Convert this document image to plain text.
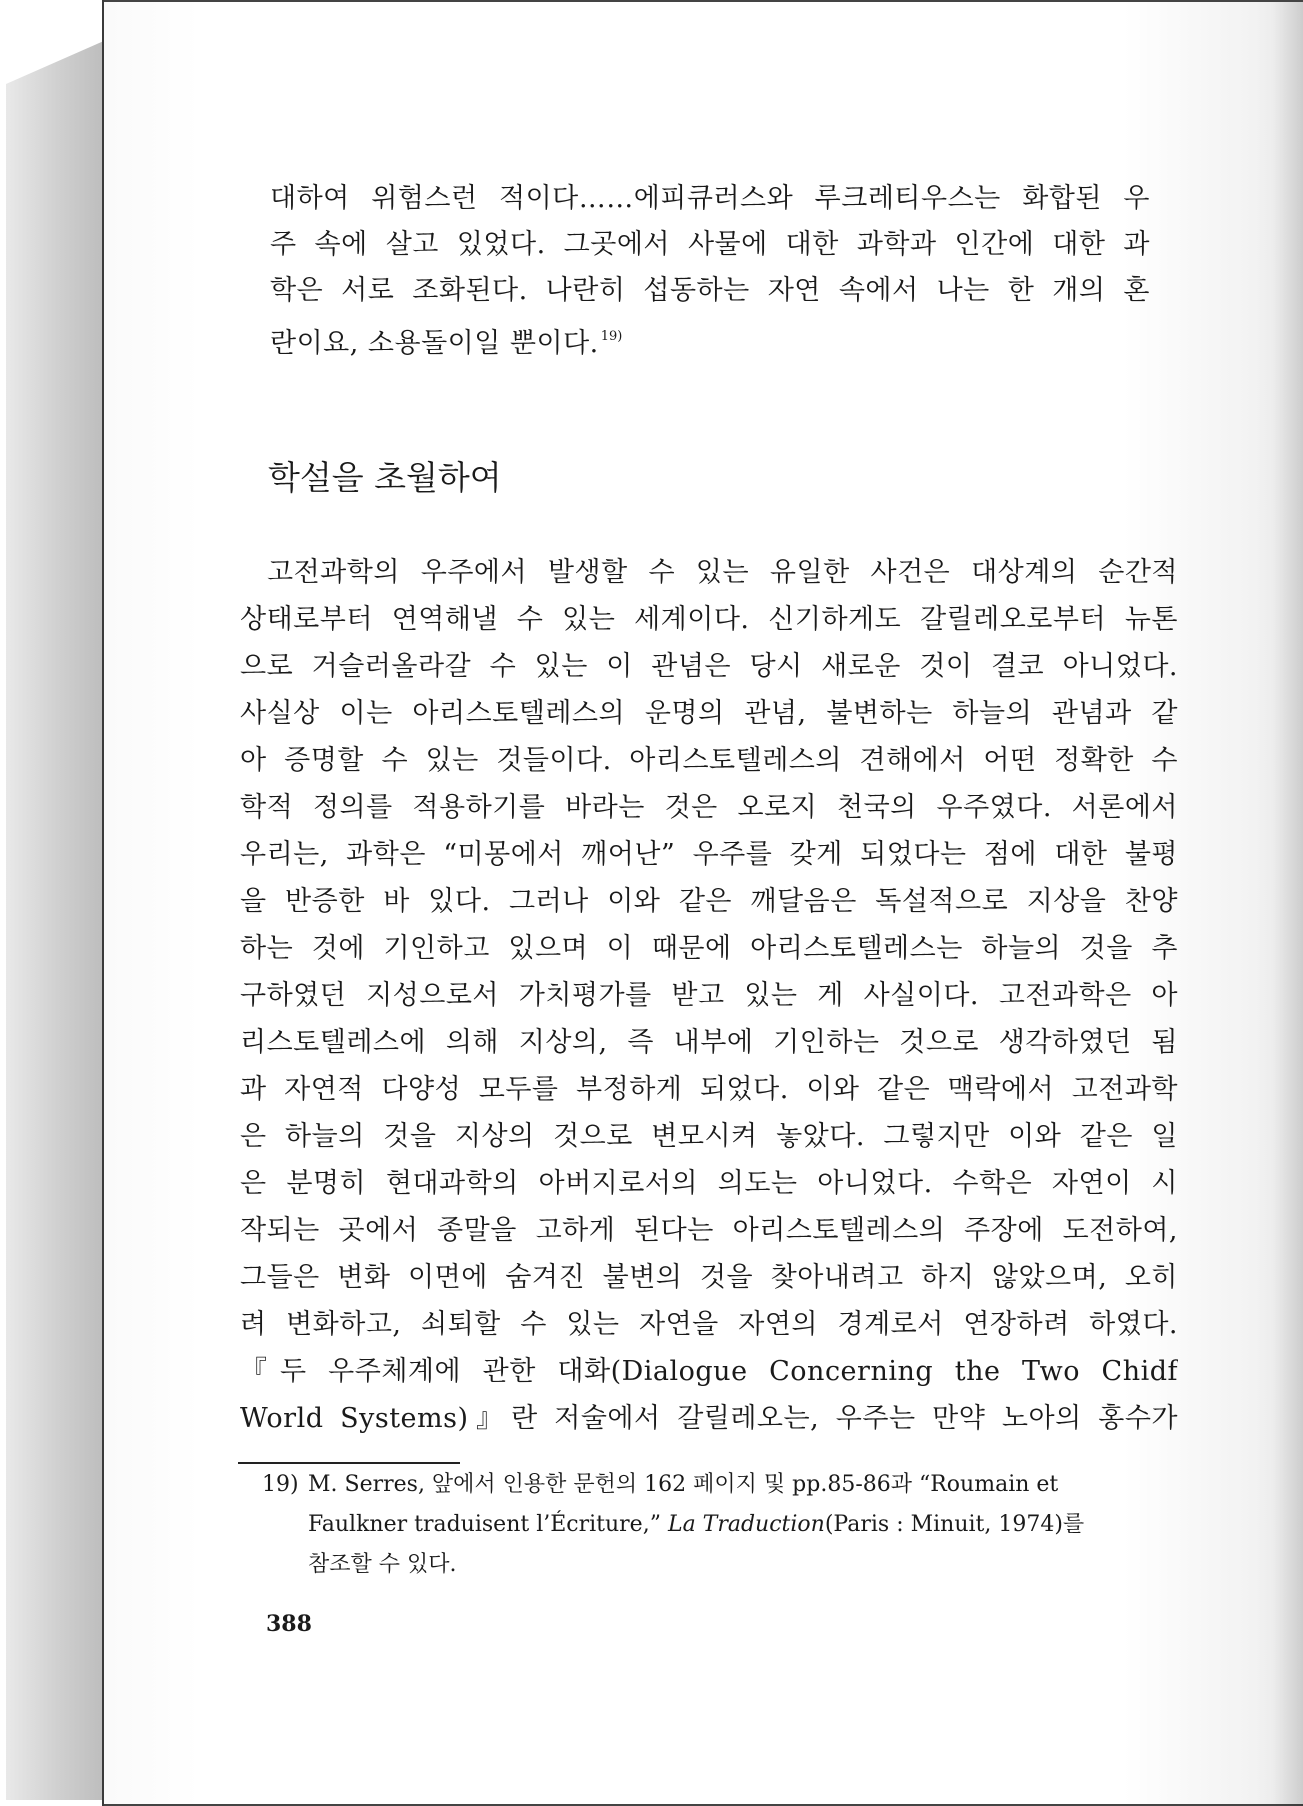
대하여 위험스런 적이다……에피큐러스와 루크레티우스는 화합된 우
주 속에 살고 있었다. 그곳에서 사물에 대한 과학과 인간에 대한 과
학은 서로 조화된다. 나란히 섭동하는 자연 속에서 나는 한 개의 혼
란이요, 소용돌이일 뿐이다. $^{19)}$
학설을 초월하여
고전과학의 우주에서 발생할 수 있는 유일한 사건은 대상계의 순간적
상태로부터 연역해낼 수 있는 세계이다. 신기하게도 갈릴레오로부터 뉴톤
으로 거슬러올라갈 수 있는 이 관념은 당시 새로운 것이 결코 아니었다.
사실상 이는 아리스토텔레스의 운명의 관념, 불변하는 하늘의 관념과 같
아 증명할 수 있는 것들이다. 아리스토텔레스의 견해에서 어떤 정확한 수
학적 정의를 적용하기를 바라는 것은 오로지 천국의 우주였다. 서론에서
우리는, 과학은 “미몽에서 깨어난” 우주를 갖게 되었다는 점에 대한 불평
을 반증한 바 있다. 그러나 이와 같은 깨달음은 독설적으로 지상을 찬양
하는 것에 기인하고 있으며 이 때문에 아리스토텔레스는 하늘의 것을 추
구하였던 지성으로서 가치평가를 받고 있는 게 사실이다. 고전과학은 아
리스토텔레스에 의해 지상의, 즉 내부에 기인하는 것으로 생각하였던 됨
과 자연적 다양성 모두를 부정하게 되었다. 이와 같은 맥락에서 고전과학
은 하늘의 것을 지상의 것으로 변모시켜 놓았다. 그렇지만 이와 같은 일
은 분명히 현대과학의 아버지로서의 의도는 아니었다. 수학은 자연이 시
작되는 곳에서 종말을 고하게 된다는 아리스토텔레스의 주장에 도전하여,
그들은 변화 이면에 숨겨진 불변의 것을 찾아내려고 하지 않았으며, 오히
려 변화하고, 쇠퇴할 수 있는 자연을 자연의 경계로서 연장하려 하였다.
『두 우주체계에 관한 대화(Dialogue Concerning the Two Chidf
World Systems)』란 저술에서 갈릴레오는, 우주는 만약 노아의 홍수가
19) M. Serres, 앞에서 인용한 문헌의 162 페이지 및 pp.85-86과 “Roumain et
Faulkner traduisent l’Écriture,” La Traduction(Paris : Minuit, 1974)를
참조할 수 있다.
388
